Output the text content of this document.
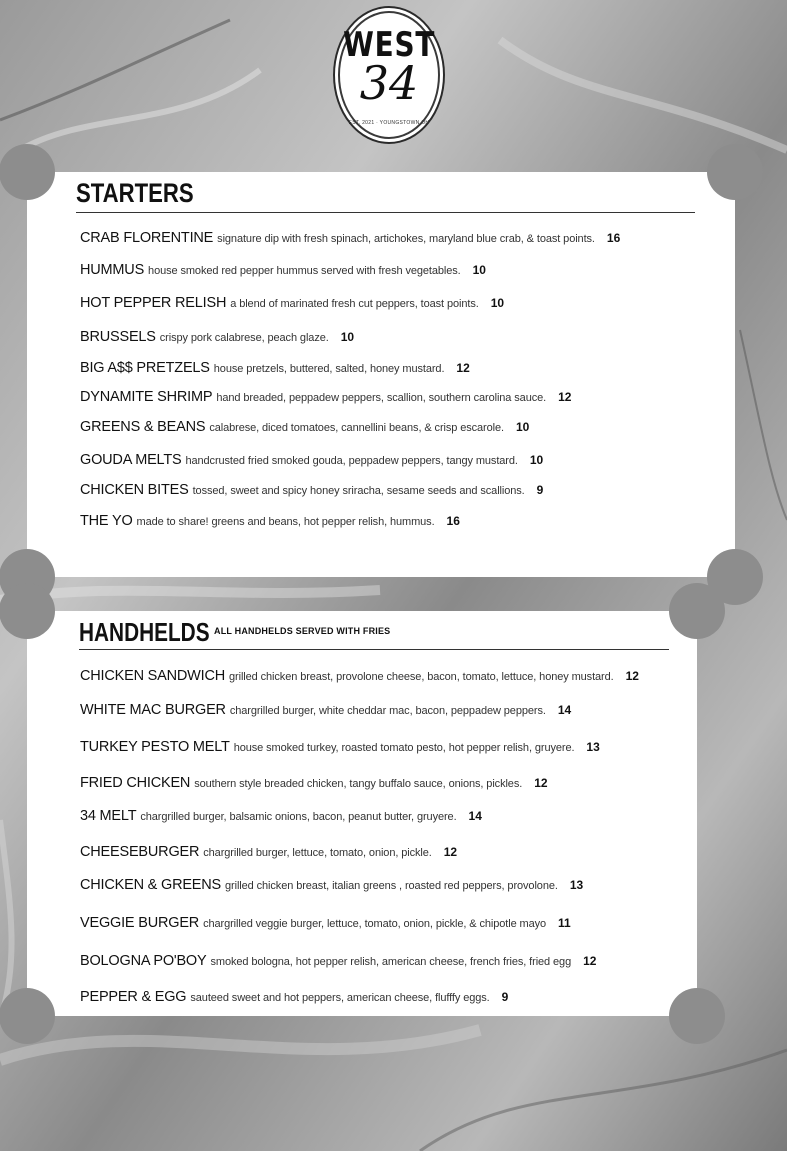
WEST
34
EST. 2021 · YOUNGSTOWN OH
STARTERS
CRAB FLORENTINE signature dip with fresh spinach, artichokes, maryland blue crab, & toast points. 16
HUMMUS house smoked red pepper hummus served with fresh vegetables. 10
HOT PEPPER RELISH a blend of marinated fresh cut peppers, toast points. 10
BRUSSELS crispy pork calabrese, peach glaze. 10
BIG A$$ PRETZELS house pretzels, buttered, salted, honey mustard. 12
DYNAMITE SHRIMP hand breaded, peppadew peppers, scallion, southern carolina sauce. 12
GREENS & BEANS calabrese, diced tomatoes, cannellini beans, & crisp escarole. 10
GOUDA MELTS handcrusted fried smoked gouda, peppadew peppers, tangy mustard. 10
CHICKEN BITES tossed, sweet and spicy honey sriracha, sesame seeds and scallions. 9
THE YO made to share! greens and beans, hot pepper relish, hummus. 16
HANDHELDS ALL HANDHELDS SERVED WITH FRIES
CHICKEN SANDWICH grilled chicken breast, provolone cheese, bacon, tomato, lettuce, honey mustard. 12
WHITE MAC BURGER chargrilled burger, white cheddar mac, bacon, peppadew peppers. 14
TURKEY PESTO MELT house smoked turkey, roasted tomato pesto, hot pepper relish, gruyere. 13
FRIED CHICKEN southern style breaded chicken, tangy buffalo sauce, onions, pickles. 12
34 MELT chargrilled burger, balsamic onions, bacon, peanut butter, gruyere. 14
CHEESEBURGER chargrilled burger, lettuce, tomato, onion, pickle. 12
CHICKEN & GREENS grilled chicken breast, italian greens , roasted red peppers, provolone. 13
VEGGIE BURGER chargrilled veggie burger, lettuce, tomato, onion, pickle, & chipotle mayo 11
BOLOGNA PO'BOY smoked bologna, hot pepper relish, american cheese, french fries, fried egg 12
PEPPER & EGG sauteed sweet and hot peppers, american cheese, flufffy eggs. 9
